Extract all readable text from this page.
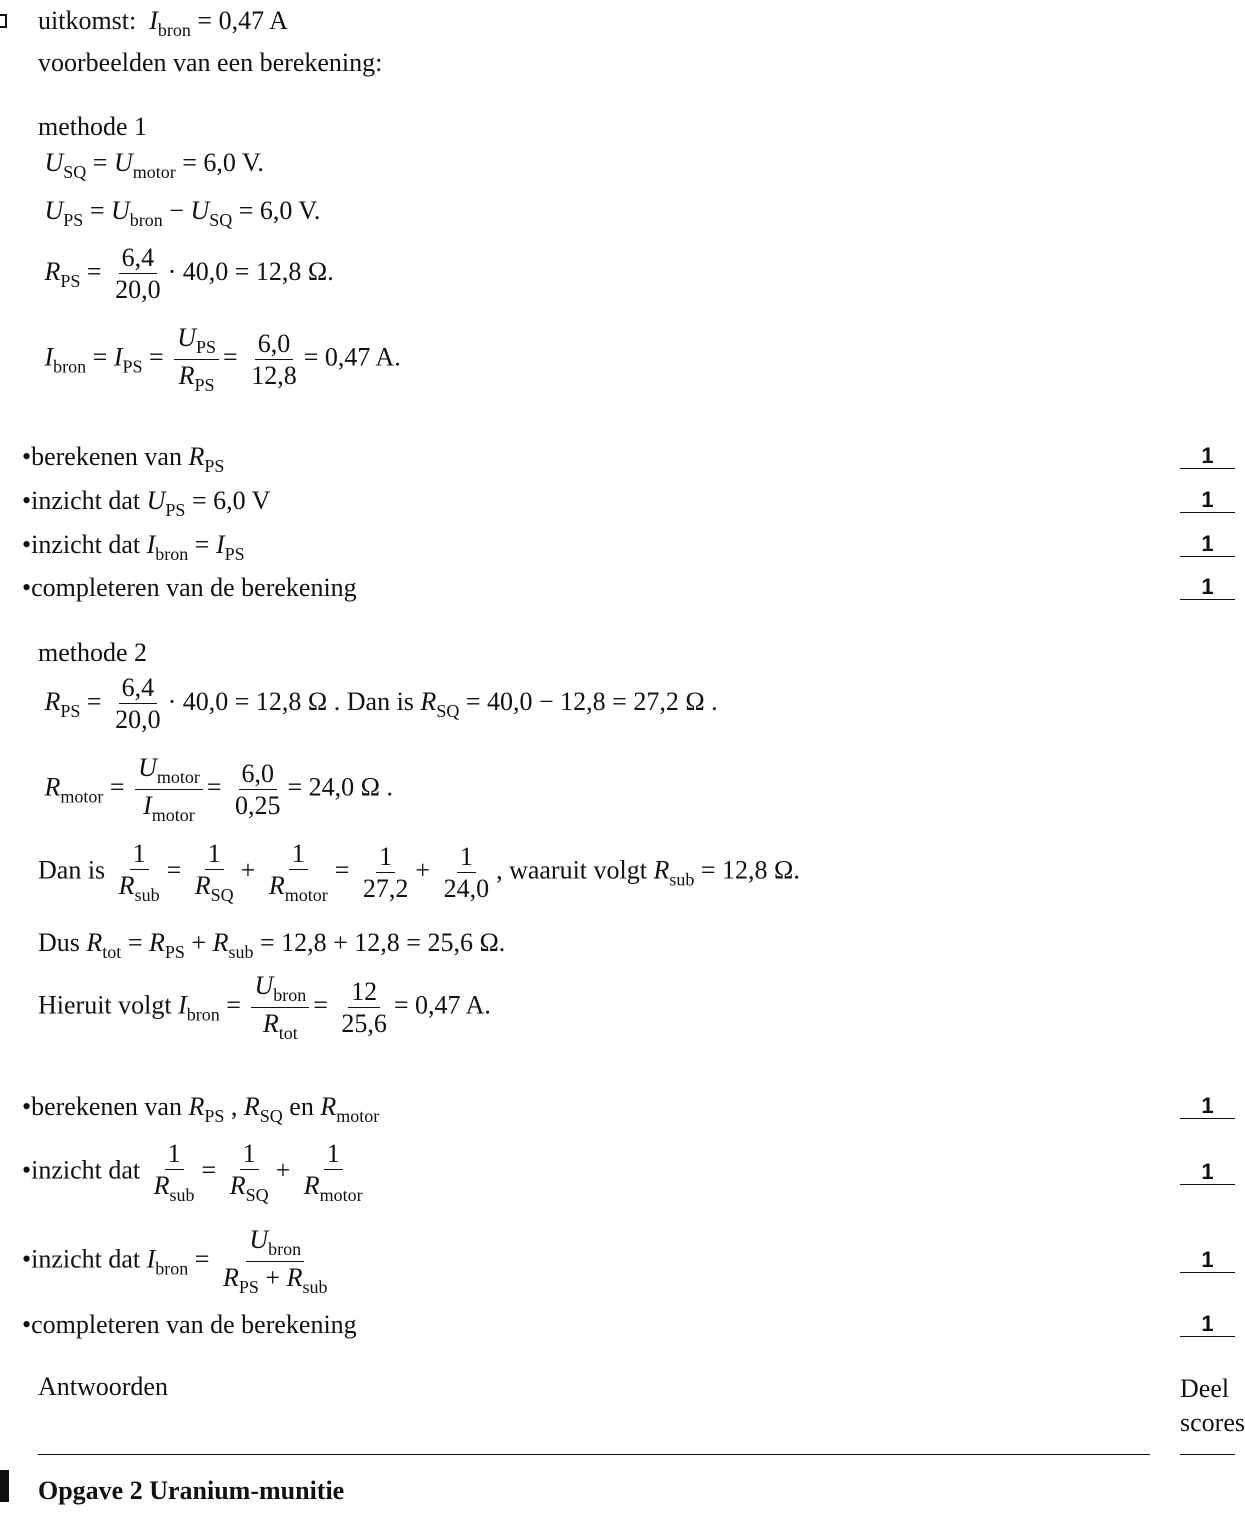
uitkomst: $I_{bron} = 0,47$ A
voorbeelden van een berekening:
methode 1
$U_{SQ} = U_{motor} = 6,0$ V.
$U_{PS} = U_{bron} - U_{SQ} = 6,0$ V.
$R_{PS} = \frac{6,4}{20,0} \cdot 40,0 = 12,8$ Ω.
$I_{bron} = I_{PS} = \frac{U_{PS}}{R_{PS}} = \frac{6,0}{12,8} = 0,47$ A.
•berekenen van $R_{PS}$	1
•inzicht dat $U_{PS} = 6,0$ V	1
•inzicht dat $I_{bron} = I_{PS}$	1
•completeren van de berekening	1
methode 2
$R_{PS} = \frac{6,4}{20,0} \cdot 40,0 = 12,8$ Ω . Dan is $R_{SQ} = 40,0 - 12,8 = 27,2$ Ω .
$R_{motor} = \frac{U_{motor}}{I_{motor}} = \frac{6,0}{0,25} = 24,0$ Ω .
Dan is $\frac{1}{R_{sub}} = \frac{1}{R_{SQ}} + \frac{1}{R_{motor}} = \frac{1}{27,2} + \frac{1}{24,0}$ , waaruit volgt $R_{sub} = 12,8$ Ω.
Dus $R_{tot} = R_{PS} + R_{sub} = 12,8 + 12,8 = 25,6$ Ω.
Hieruit volgt $I_{bron} = \frac{U_{bron}}{R_{tot}} = \frac{12}{25,6} = 0,47$ A.
•berekenen van $R_{PS}$ , $R_{SQ}$ en $R_{motor}$	1
•inzicht dat $\frac{1}{R_{sub}} = \frac{1}{R_{SQ}} + \frac{1}{R_{motor}}$	1
•inzicht dat $I_{bron} = \frac{U_{bron}}{R_{PS} + R_{sub}}$	1
•completeren van de berekening	1
Antwoorden	Deel
scores
Opgave 2 Uranium-munitie
